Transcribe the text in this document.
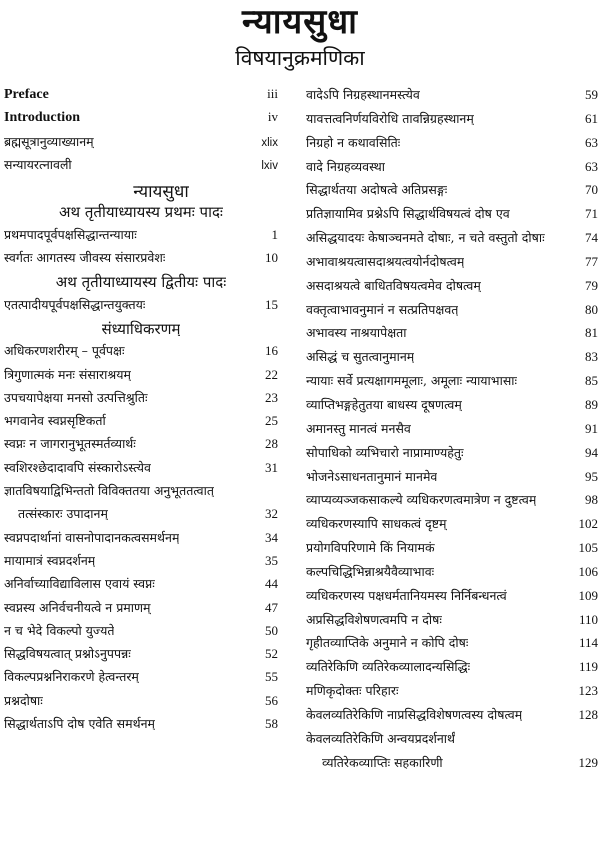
न्यायसुधा
विषयानुक्रमणिका
Preface	iii
Introduction	iv
ब्रह्मसूत्रानुव्याख्यानम्	xlix
सन्यायरत्नावली	lxiv
न्यायसुधा
अथ तृतीयाध्यायस्य प्रथमः पादः
प्रथमपादपूर्वपक्षसिद्धान्तन्यायाः	1
स्वर्गतः आगतस्य जीवस्य संसारप्रवेशः	10
अथ तृतीयाध्यायस्य द्वितीयः पादः
एतत्पादीयपूर्वपक्षसिद्धान्तयुक्तयः	15
संध्याधिकरणम्
अधिकरणशरीरम् – पूर्वपक्षः	16
त्रिगुणात्मकं मनः संसाराश्रयम्	22
उपचयापेक्षया मनसो उत्पत्तिश्रुतिः	23
भगवानेव स्वप्नसृष्टिकर्ता	25
स्वप्नः न जागरानुभूतस्मर्तव्यार्थः	28
स्वशिरश्छेदादावपि संस्कारोऽस्त्येव	31
ज्ञातविषयाद्विभिन्ततो विविक्ततया अनुभूततत्वात्
तत्संस्कारः उपादानम्	32
स्वप्नपदार्थानां वासनोपादानकत्वसमर्थनम्	34
मायामात्रं स्वप्नदर्शनम्	35
अनिर्वाच्याविद्याविलास एवायं स्वप्नः	44
स्वप्नस्य अनिर्वचनीयत्वे न प्रमाणम्	47
न च भेदे विकल्पो युज्यते	50
सिद्धविषयत्वात् प्रश्नोऽनुपपन्नः	52
विकल्पप्रश्ननिराकरणे हेत्वन्तरम्	55
प्रश्नदोषाः	56
सिद्धार्थताऽपि दोष एवेति समर्थनम्	58
वादेऽपि निग्रहस्थानमस्त्येव	59
यावत्तत्वनिर्णयविरोधि तावन्निग्रहस्थानम्	61
निग्रहो न कथावसितिः	63
वादे निग्रहव्यवस्था	63
सिद्धार्थतया अदोषत्वे अतिप्रसङ्गः	70
प्रतिज्ञायामिव प्रश्नेऽपि सिद्धार्थविषयत्वं दोष एव	71
असिद्धयादयः केषाञ्चनमते दोषाः, न चते वस्तुतो दोषाः	74
अभावाश्रयत्वासदाश्रयत्वयोर्नदोषत्वम्	77
असदाश्रयत्वे बाधितविषयत्वमेव दोषत्वम्	79
वक्तृत्वाभावनुमानं न सत्प्रतिपक्षवत्	80
अभावस्य नाश्रयापेक्षता	81
असिद्धं च सुतत्वानुमानम्	83
न्यायाः सर्वे प्रत्यक्षागममूलाः, अमूलाः न्यायाभासाः	85
व्याप्तिभङ्गहेतुतया बाधस्य दूषणत्वम्	89
अमानस्तु मानत्वं मनसैव	91
सोपाधिको व्यभिचारो नाप्रामाण्यहेतुः	94
भोजनेऽसाधनतानुमानं मानमेव	95
व्याप्यव्यञ्जकसाकल्ये व्यधिकरणत्वमात्रेण न दुष्टत्वम्	98
व्यधिकरणस्यापि साधकत्वं दृष्टम्	102
प्रयोगविपरिणामे किं नियामकं	105
कल्पचिद्धिभिन्नाश्रयैवैव्याभावः	106
व्यधिकरणस्य पक्षधर्मतानियमस्य निर्निबन्धनत्वं	109
अप्रसिद्धविशेषणत्वमपि न दोषः	110
गृहीतव्याप्तिके अनुमाने न कोपि दोषः	114
व्यतिरेकिणि व्यतिरेकव्यालादन्यसिद्धिः	119
मणिकृदोक्तः परिहारः	123
केवलव्यतिरेकिणि नाप्रसिद्धविशेषणत्वस्य दोषत्वम्	128
केवलव्यतिरेकिणि अन्वयप्रदर्शनार्थं
व्यतिरेकव्याप्तिः सहकारिणी	129
